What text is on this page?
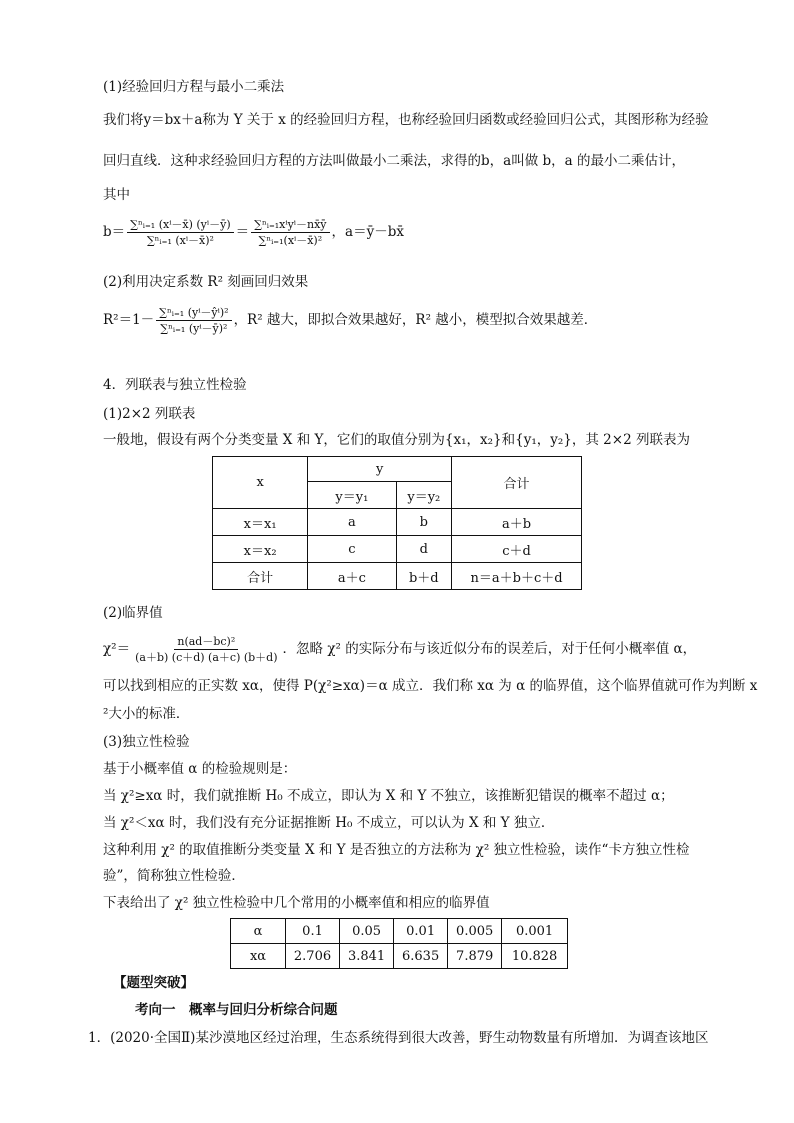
(1)经验回归方程与最小二乘法
我们将y＝bx＋a称为 Y 关于 x 的经验回归方程，也称经验回归函数或经验回归公式，其图形称为经验
回归直线．这种求经验回归方程的方法叫做最小二乘法，求得的b，a叫做 b，a 的最小二乘估计，
其中
$b= \frac{\text{∑ⁿᵢ₌₁ (xⁱ－x̄) (yⁱ－ȳ)}}{\text{∑ⁿᵢ₌₁ (xⁱ－x̄)²}} = \frac{\text{∑ⁿᵢ₌₁xⁱyⁱ－nx̄ȳ}}{\text{∑ⁿᵢ₌₁(xⁱ－x̄)²}}$ ，a＝ȳ－bx̄
(2)利用决定系数 R² 刻画回归效果
$R^2=1- \frac{\text{∑ⁿᵢ₌₁ (yⁱ－ŷⁱ)²}}{\text{∑ⁿᵢ₌₁ (yⁱ－ȳ)²}}$ ，R² 越大，即拟合效果越好，R² 越小，模型拟合效果越差．
4．列联表与独立性检验
(1)2×2 列联表
一般地，假设有两个分类变量 X 和 Y，它们的取值分别为{x₁，x₂}和{y₁，y₂}，其 2×2 列联表为
x	y		合计
	y＝y₁	y＝y₂	
x＝x₁	a	b	a＋b
x＝x₂	c	d	c＋d
合计	a＋c	b＋d	n＝a＋b＋c＋d
(2)临界值
$\chi^2= \frac{\text{n(ad－bc)²}}{(a+b) (c+d) (a+c) (b+d)}$ ．忽略 χ² 的实际分布与该近似分布的误差后，对于任何小概率值 α，
可以找到相应的正实数 xα，使得 P(χ²≥xα)＝α 成立．我们称 xα 为 α 的临界值，这个临界值就可作为判断 x
²大小的标准．
(3)独立性检验
基于小概率值 α 的检验规则是：
当 χ²≥xα 时，我们就推断 H₀ 不成立，即认为 X 和 Y 不独立，该推断犯错误的概率不超过 α；
当 χ²＜xα 时，我们没有充分证据推断 H₀ 不成立，可以认为 X 和 Y 独立．
这种利用 χ² 的取值推断分类变量 X 和 Y 是否独立的方法称为 χ² 独立性检验，读作“卡方独立性检
验”，简称独立性检验．
下表给出了 χ² 独立性检验中几个常用的小概率值和相应的临界值
α	0.1	0.05	0.01	0.005	0.001
xα	2.706	3.841	6.635	7.879	10.828
【题型突破】
考向一　概率与回归分析综合问题
1．(2020·全国Ⅱ)某沙漠地区经过治理，生态系统得到很大改善，野生动物数量有所增加．为调查该地区
